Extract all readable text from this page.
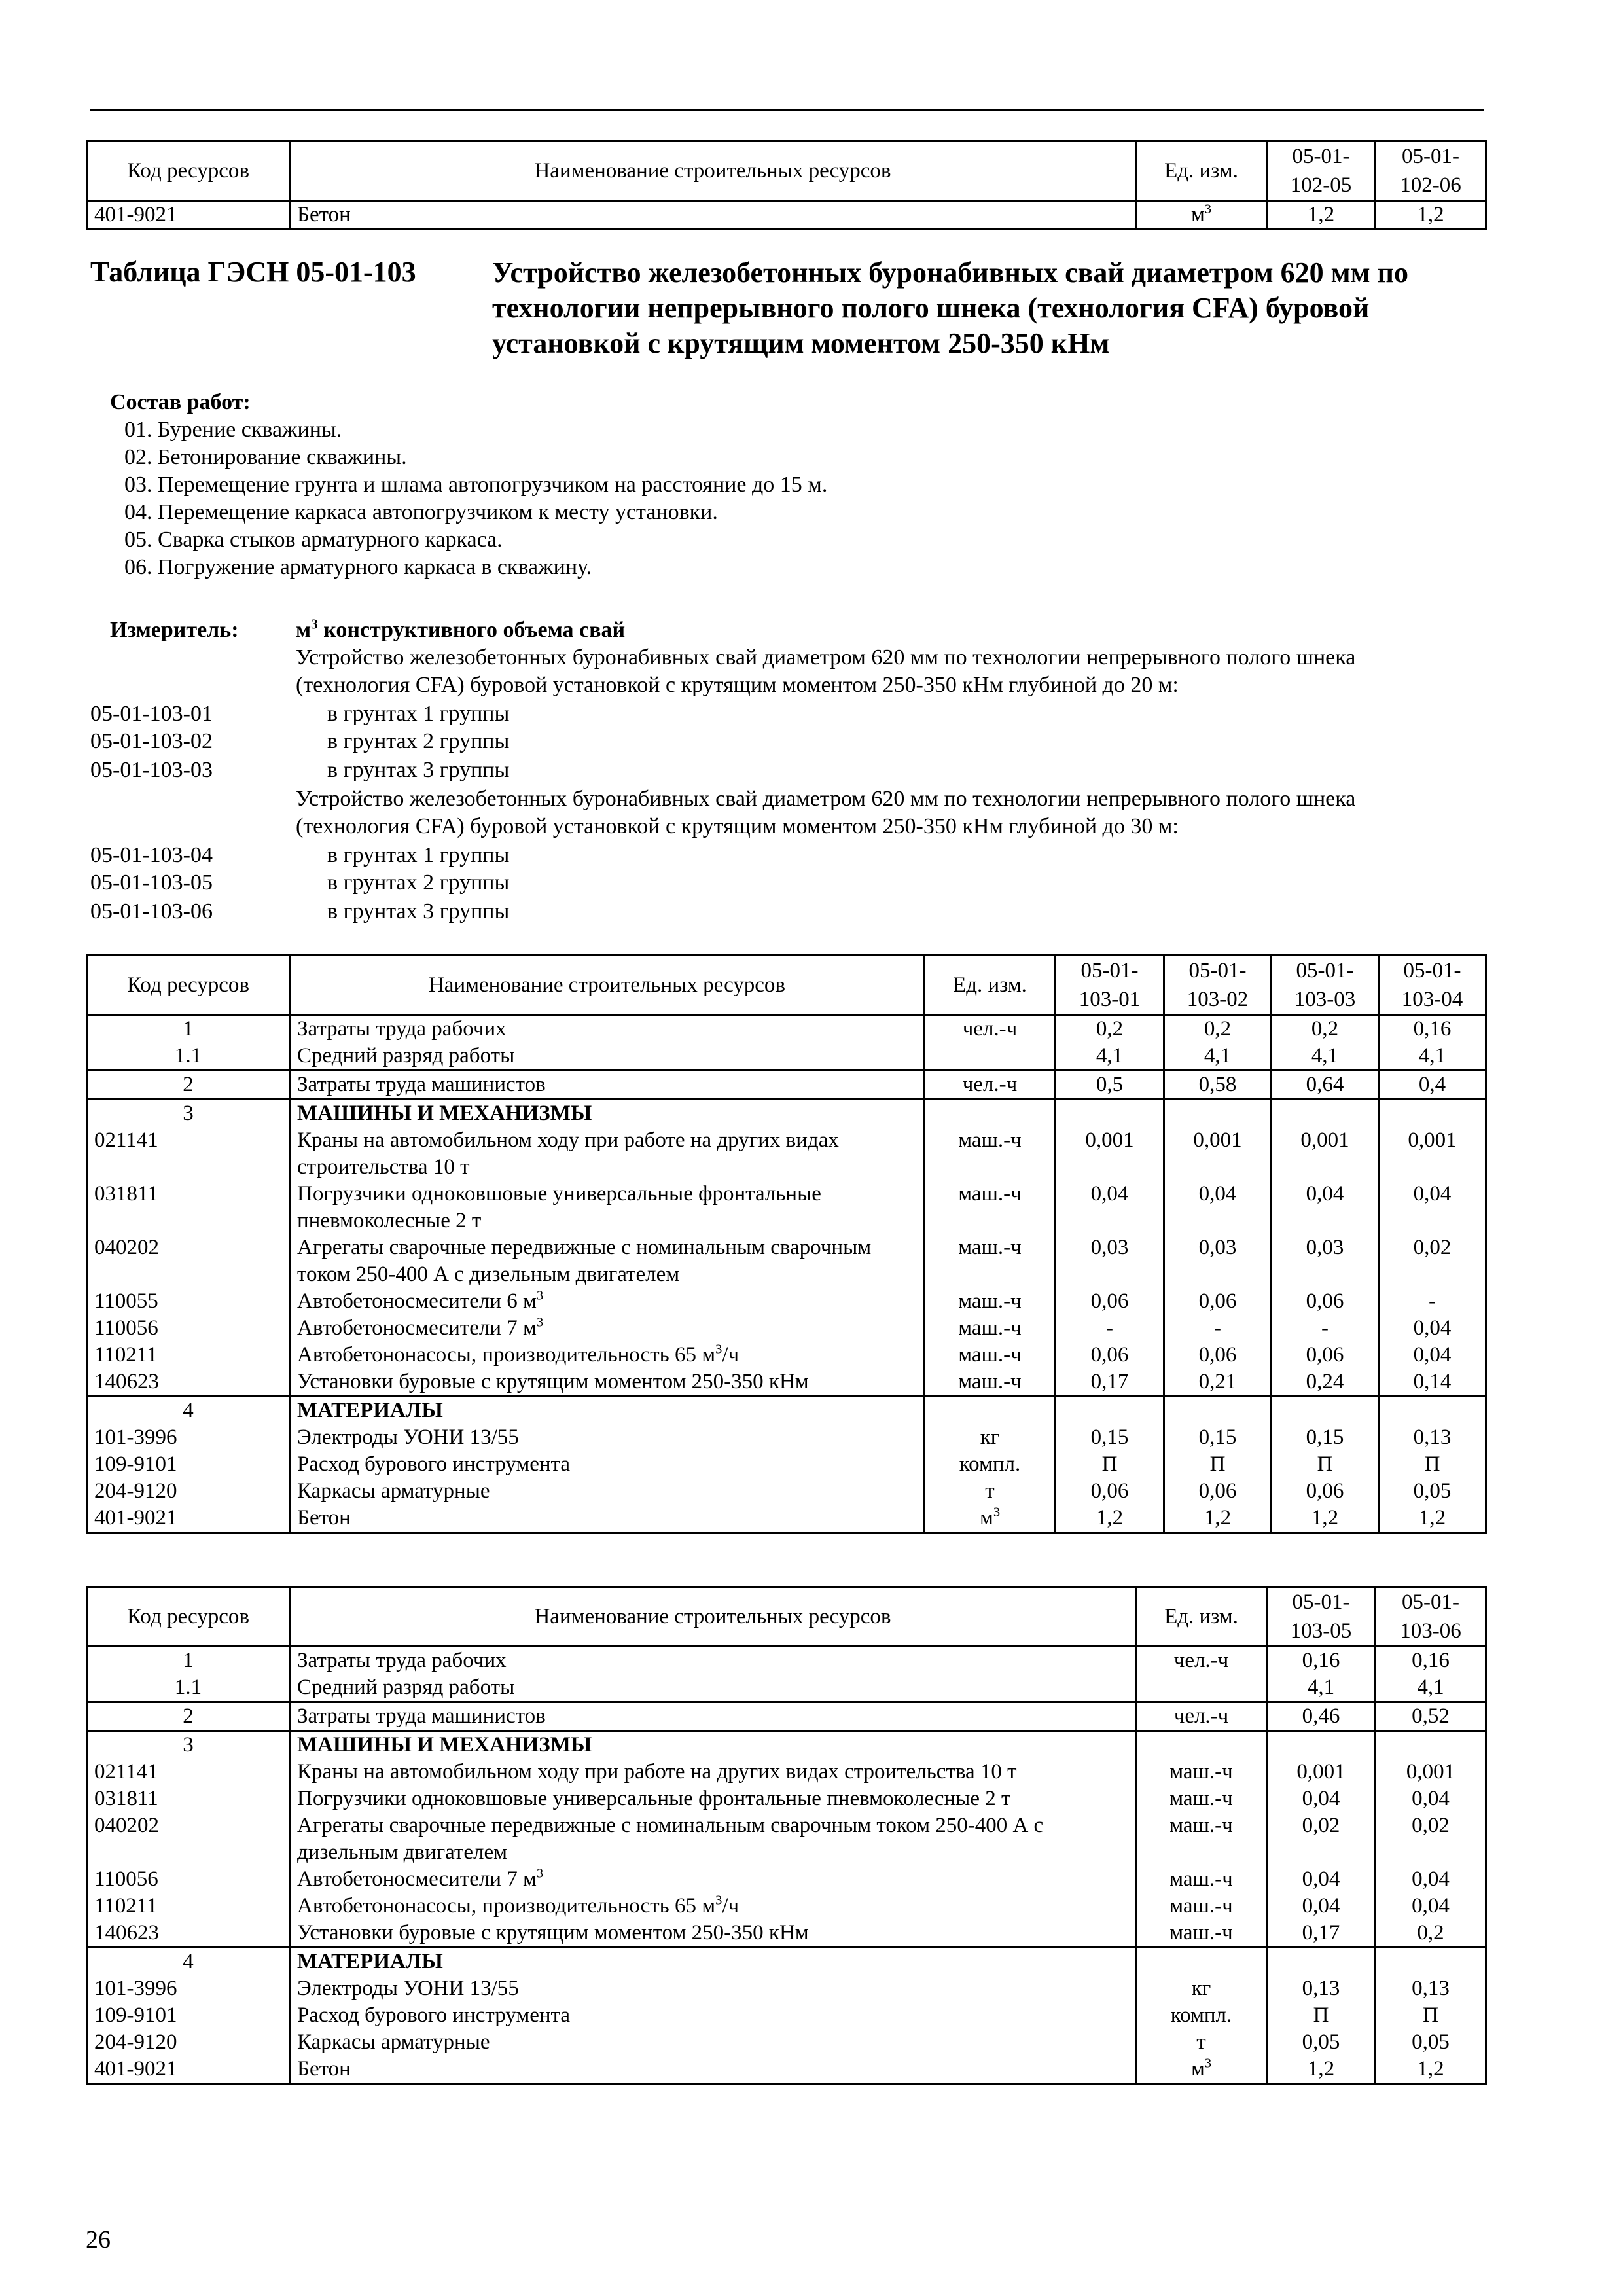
Код ресурсов	Наименование строительных ресурсов	Ед. изм.	05-01-102-05	05-01-102-06
401-9021	Бетон	$м^3$	1,2	1,2
Таблица ГЭСН 05-01-103	Устройство железобетонных буронабивных свай диаметром 620 мм по технологии непрерывного полого шнека (технология CFA) буровой установкой с крутящим моментом 250-350 кНм
Состав работ:
01. Бурение скважины.
02. Бетонирование скважины.
03. Перемещение грунта и шлама автопогрузчиком на расстояние до 15 м.
04. Перемещение каркаса автопогрузчиком к месту установки.
05. Сварка стыков арматурного каркаса.
06. Погружение арматурного каркаса в скважину.
Измеритель:	$м^3$ конструктивного объема свай
Устройство железобетонных буронабивных свай диаметром 620 мм по технологии непрерывного полого шнека
(технология CFA) буровой установкой с крутящим моментом 250-350 кНм глубиной до 20 м:
05-01-103-01	в грунтах 1 группы
05-01-103-02	в грунтах 2 группы
05-01-103-03	в грунтах 3 группы
Устройство железобетонных буронабивных свай диаметром 620 мм по технологии непрерывного полого шнека
(технология CFA) буровой установкой с крутящим моментом 250-350 кНм глубиной до 30 м:
05-01-103-04	в грунтах 1 группы
05-01-103-05	в грунтах 2 группы
05-01-103-06	в грунтах 3 группы
Код ресурсов	Наименование строительных ресурсов	Ед. изм.	05-01-103-01	05-01-103-02	05-01-103-03	05-01-103-04
1	Затраты труда рабочих	чел.-ч	0,2	0,2	0,2	0,16
1.1	Средний разряд работы		4,1	4,1	4,1	4,1
2	Затраты труда машинистов	чел.-ч	0,5	0,58	0,64	0,4
3	МАШИНЫ И МЕХАНИЗМЫ					
021141	Краны на автомобильном ходу при работе на других видах строительства 10 т	маш.-ч	0,001	0,001	0,001	0,001
031811	Погрузчики одноковшовые универсальные фронтальные пневмоколесные 2 т	маш.-ч	0,04	0,04	0,04	0,04
040202	Агрегаты сварочные передвижные с номинальным сварочным током 250-400 А с дизельным двигателем	маш.-ч	0,03	0,03	0,03	0,02
110055	Автобетоносмесители 6 $м^3$	маш.-ч	0,06	0,06	0,06	-
110056	Автобетоносмесители 7 $м^3$	маш.-ч	-	-	-	0,04
110211	Автобетононасосы, производительность 65 $м^3/ч$	маш.-ч	0,06	0,06	0,06	0,04
140623	Установки буровые с крутящим моментом 250-350 кНм	маш.-ч	0,17	0,21	0,24	0,14
4	МАТЕРИАЛЫ					
101-3996	Электроды УОНИ 13/55	кг	0,15	0,15	0,15	0,13
109-9101	Расход бурового инструмента	компл.	П	П	П	П
204-9120	Каркасы арматурные	т	0,06	0,06	0,06	0,05
401-9021	Бетон	$м^3$	1,2	1,2	1,2	1,2
Код ресурсов	Наименование строительных ресурсов	Ед. изм.	05-01-103-05	05-01-103-06
1	Затраты труда рабочих	чел.-ч	0,16	0,16
1.1	Средний разряд работы		4,1	4,1
2	Затраты труда машинистов	чел.-ч	0,46	0,52
3	МАШИНЫ И МЕХАНИЗМЫ			
021141	Краны на автомобильном ходу при работе на других видах строительства 10 т	маш.-ч	0,001	0,001
031811	Погрузчики одноковшовые универсальные фронтальные пневмоколесные 2 т	маш.-ч	0,04	0,04
040202	Агрегаты сварочные передвижные с номинальным сварочным током 250-400 А с дизельным двигателем	маш.-ч	0,02	0,02
110056	Автобетоносмесители 7 $м^3$	маш.-ч	0,04	0,04
110211	Автобетононасосы, производительность 65 $м^3/ч$	маш.-ч	0,04	0,04
140623	Установки буровые с крутящим моментом 250-350 кНм	маш.-ч	0,17	0,2
4	МАТЕРИАЛЫ			
101-3996	Электроды УОНИ 13/55	кг	0,13	0,13
109-9101	Расход бурового инструмента	компл.	П	П
204-9120	Каркасы арматурные	т	0,05	0,05
401-9021	Бетон	$м^3$	1,2	1,2
26
